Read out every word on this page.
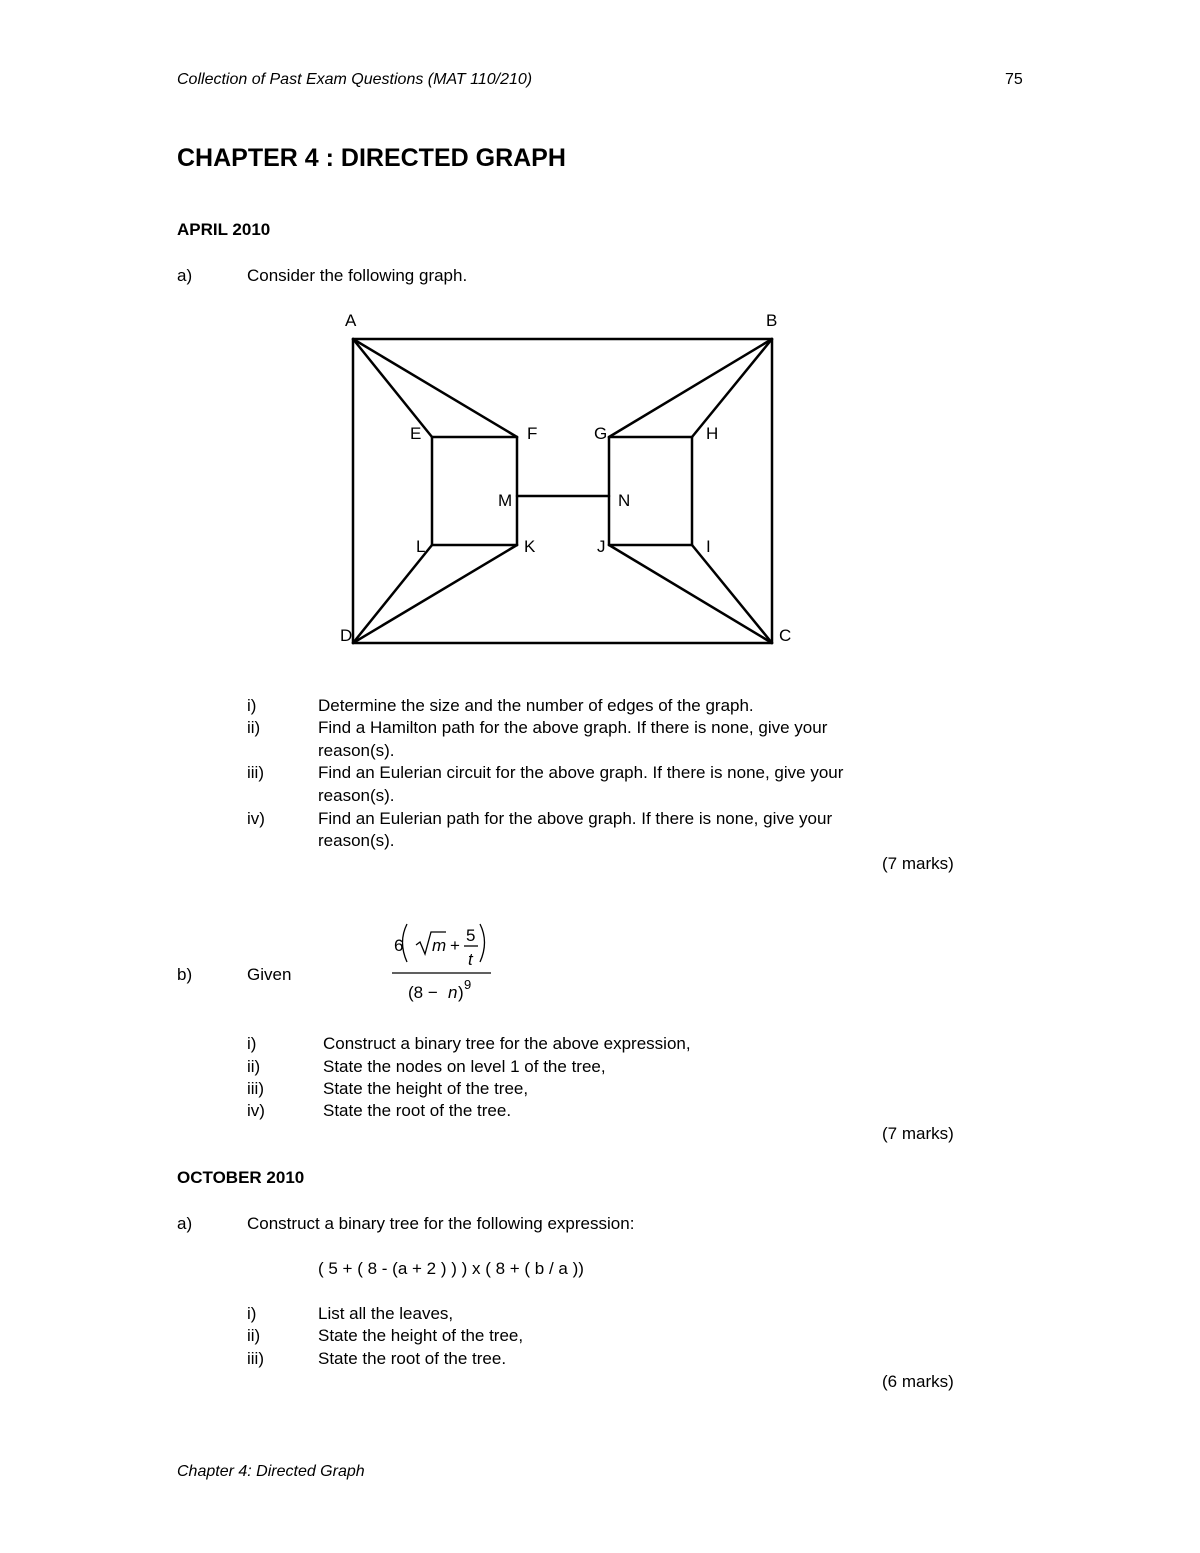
Collection of Past Exam Questions (MAT 110/210)	75
CHAPTER 4 : DIRECTED GRAPH
APRIL 2010
a)	Consider the following graph.
A	B
C
D
E	F	G	H
I
J
K
L
M	N
i)	Determine the size and the number of edges of the graph.
ii)	Find a Hamilton path for the above graph. If there is none, give your
reason(s).
iii)	Find an Eulerian circuit for the above graph. If there is none, give your
reason(s).
iv)	Find an Eulerian path for the above graph. If there is none, give your
reason(s).
(7 marks)
b)	Given
6 m +
5
t
(8 − n ) 9
i)	Construct a binary tree for the above expression,
ii)	State the nodes on level 1 of the tree,
iii)	State the height of the tree,
iv)	State the root of the tree.
(7 marks)
OCTOBER 2010
a)	Construct a binary tree for the following expression:
( 5 + ( 8 - (a + 2 ) ) ) x ( 8 + ( b / a ))
i)	List all the leaves,
ii)	State the height of the tree,
iii)	State the root of the tree.
(6 marks)
Chapter 4: Directed Graph
